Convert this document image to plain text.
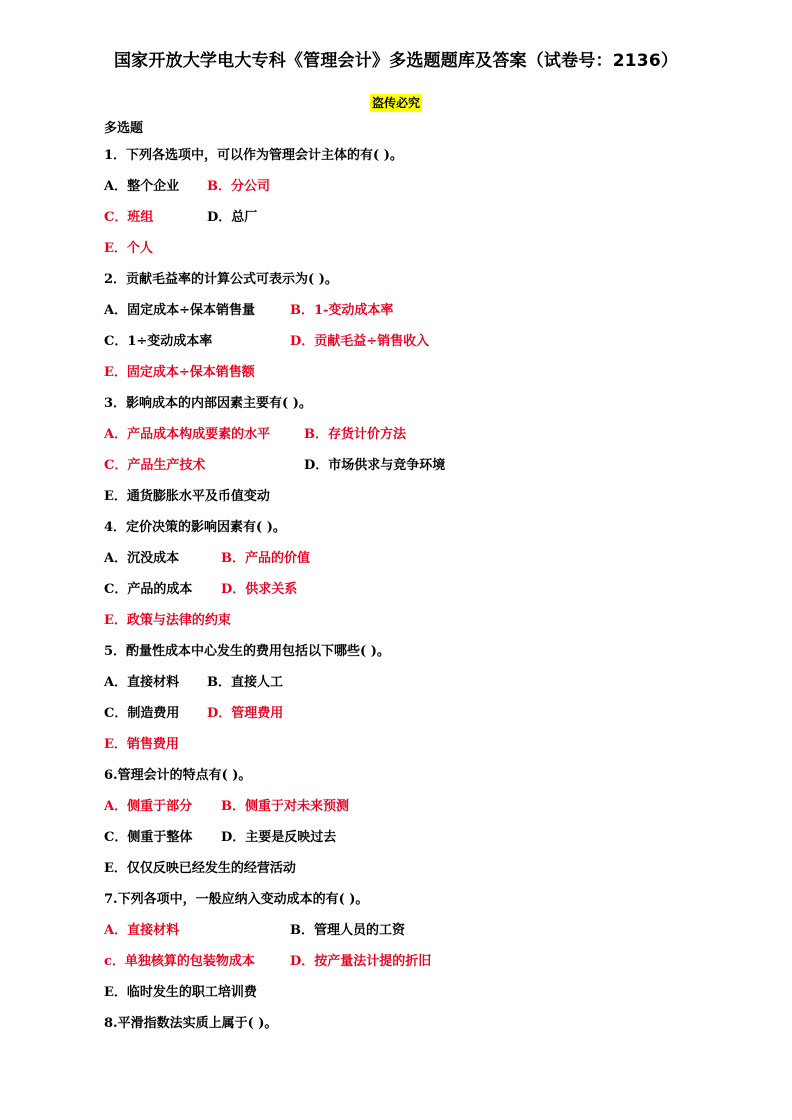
国家开放大学电大专科《管理会计》多选题题库及答案（试卷号：2136）
盗传必究
多选题
1．下列各选项中，可以作为管理会计主体的有( )。
A．整个企业 B．分公司
C．班组	D．总厂
E．个人
2．贡献毛益率的计算公式可表示为( )。
A．固定成本÷保本销售量	B．1-变动成本率
C．1÷变动成本率	D．贡献毛益÷销售收入
E．固定成本÷保本销售额
3．影响成本的内部因素主要有( )。
A．产品成本构成要素的水平	B．存货计价方法
C．产品生产技术	D．市场供求与竞争环境
E．通货膨胀水平及币值变动
4．定价决策的影响因素有( )。
A．沉没成本	B．产品的价值
C．产品的成本 D．供求关系
E．政策与法律的约束
5．酌量性成本中心发生的费用包括以下哪些( )。
A．直接材料 B．直接人工
C．制造费用 D．管理费用
E．销售费用
6.管理会计的特点有( )。
A．侧重于部分 B．侧重于对未来预测
C．侧重于整体 D．主要是反映过去
E．仅仅反映已经发生的经营活动
7.下列各项中，一般应纳入变动成本的有( )。
A．直接材料	B．管理人员的工资
c．单独核算的包装物成本	D．按产量法计提的折旧
E．临时发生的职工培训费
8.平滑指数法实质上属于( )。
